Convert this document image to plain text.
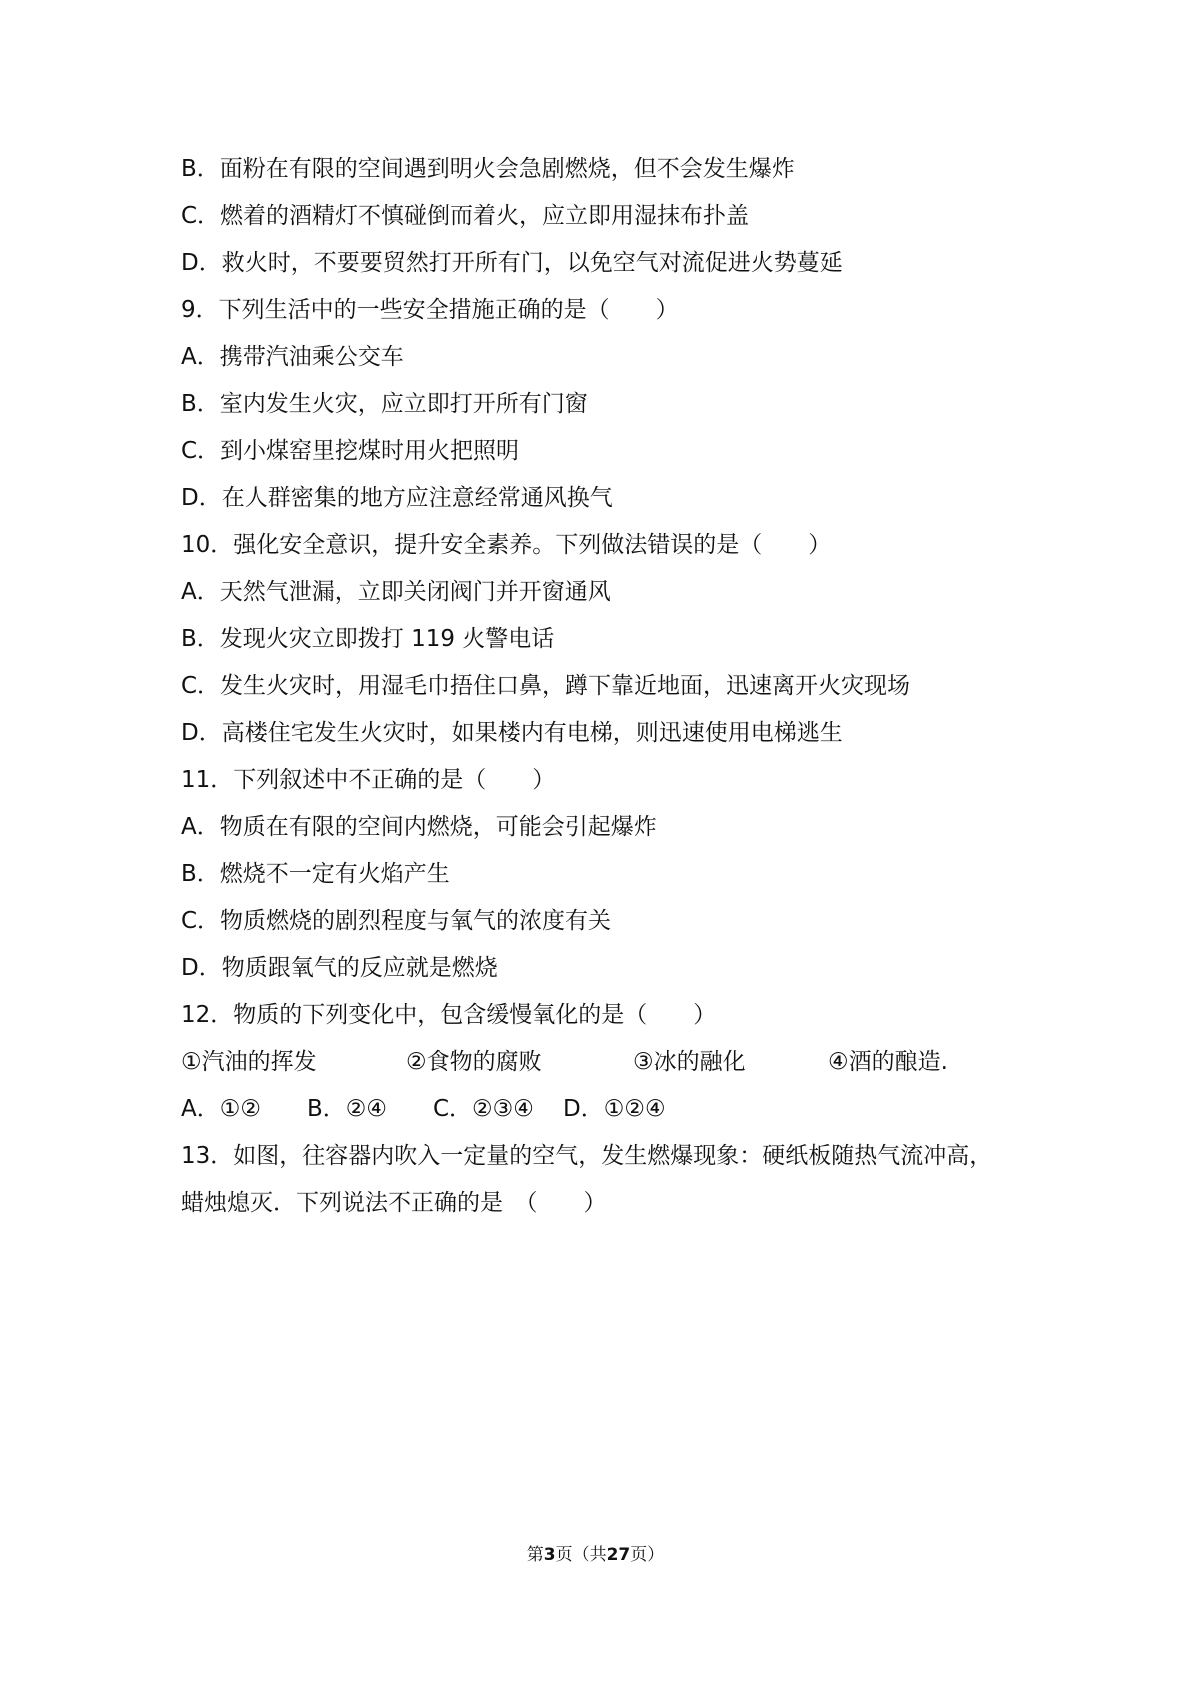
B．面粉在有限的空间遇到明火会急剧燃烧，但不会发生爆炸
C．燃着的酒精灯不慎碰倒而着火，应立即用湿抹布扑盖
D．救火时，不要要贸然打开所有门，以免空气对流促进火势蔓延
9．下列生活中的一些安全措施正确的是（　　）
A．携带汽油乘公交车
B．室内发生火灾，应立即打开所有门窗
C．到小煤窑里挖煤时用火把照明
D．在人群密集的地方应注意经常通风换气
10．强化安全意识，提升安全素养。下列做法错误的是（　　）
A．天然气泄漏，立即关闭阀门并开窗通风
B．发现火灾立即拨打 119 火警电话
C．发生火灾时，用湿毛巾捂住口鼻，蹲下靠近地面，迅速离开火灾现场
D．高楼住宅发生火灾时，如果楼内有电梯，则迅速使用电梯逃生
11．下列叙述中不正确的是（　　）
A．物质在有限的空间内燃烧，可能会引起爆炸
B．燃烧不一定有火焰产生
C．物质燃烧的剧烈程度与氧气的浓度有关
D．物质跟氧气的反应就是燃烧
12．物质的下列变化中，包含缓慢氧化的是（　　）
①汽油的挥发	②食物的腐败	③冰的融化	④酒的酿造.
A．①②	B．②④	C．②③④	D．①②④
13．如图，往容器内吹入一定量的空气，发生燃爆现象：硬纸板随热气流冲高，
蜡烛熄灭．下列说法不正确的是　（　　）
第3页（共27页）
